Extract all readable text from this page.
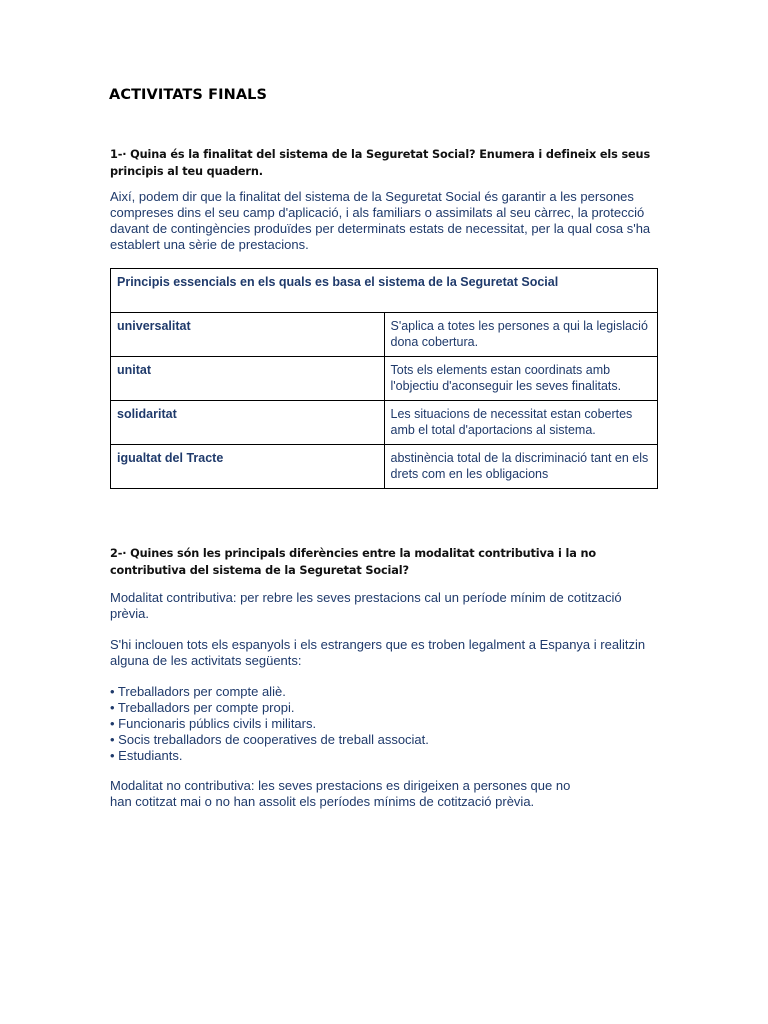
ACTIVITATS FINALS
1-· Quina és la finalitat del sistema de la Seguretat Social? Enumera i defineix els seus principis al teu quadern.

Així, podem dir que la finalitat del sistema de la Seguretat Social és garantir a les persones compreses dins el seu camp d'aplicació, i als familiars o assimilats al seu càrrec, la protecció davant de contingències produïdes per determinats estats de necessitat, per la qual cosa s'ha establert una sèrie de prestacions.

Principis essencials en els quals es basa el sistema de la Seguretat Social	
universalitat	S'aplica a totes les persones a qui la legislació dona cobertura.
unitat	Tots els elements estan coordinats amb l'objectiu d'aconseguir les seves finalitats.
solidaritat	Les situacions de necessitat estan cobertes amb el total d'aportacions al sistema.
igualtat del Tracte	abstinència total de la discriminació tant en els drets com en les obligacions
2-· Quines són les principals diferències entre la modalitat contributiva i la no contributiva del sistema de la Seguretat Social?

Modalitat contributiva: per rebre les seves prestacions cal un període mínim de cotització prèvia.

S'hi inclouen tots els espanyols i els estrangers que es troben legalment a Espanya i realitzin alguna de les activitats següents:

• Treballadors per compte aliè.
• Treballadors per compte propi.
• Funcionaris públics civils i militars.
• Socis treballadors de cooperatives de treball associat.
• Estudiants.

Modalitat no contributiva: les seves prestacions es dirigeixen a persones que no han cotitzat mai o no han assolit els períodes mínims de cotització prèvia.
